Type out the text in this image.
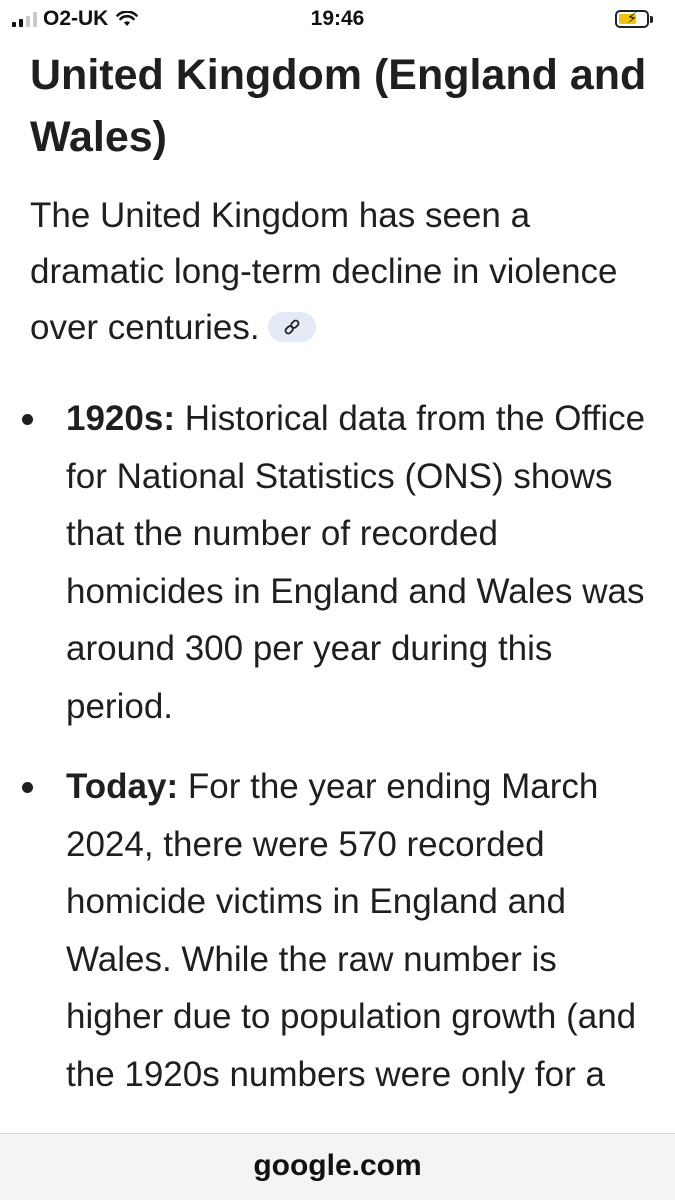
O2-UK	19:46	⚡
United Kingdom (England and Wales)

The United Kingdom has seen a dramatic long-term decline in violence over centuries.

1920s: Historical data from the Office for National Statistics (ONS) shows that the number of recorded homicides in England and Wales was around 300 per year during this period.
Today: For the year ending March 2024, there were 570 recorded homicide victims in England and Wales. While the raw number is higher due to population growth (and the 1920s numbers were only for a
google.com
